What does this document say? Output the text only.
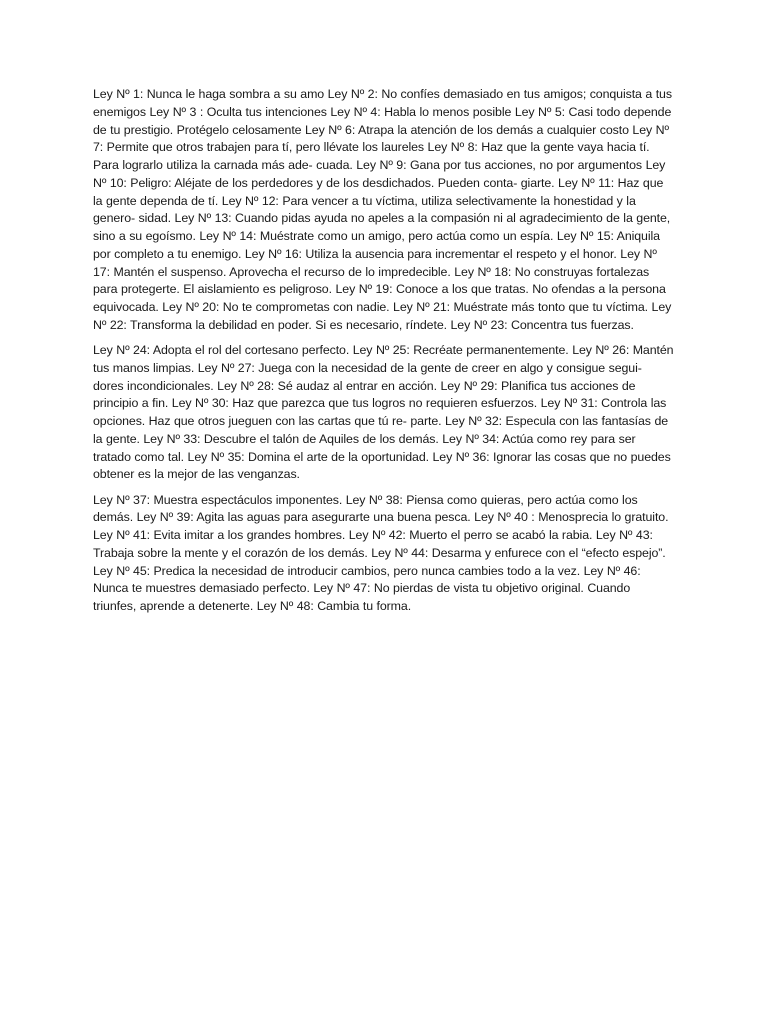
Ley Nº 1: Nunca le haga sombra a su amo Ley Nº 2: No confíes demasiado en tus amigos; conquista a tus enemigos Ley Nº 3 : Oculta tus intenciones Ley Nº 4: Habla lo menos posible Ley Nº 5: Casi todo depende de tu prestigio. Protégelo celosamente Ley Nº 6: Atrapa la atención de los demás a cualquier costo Ley Nº 7: Permite que otros trabajen para tí, pero llévate los laureles Ley Nº 8: Haz que la gente vaya hacia tí. Para lograrlo utiliza la carnada más ade- cuada. Ley Nº 9: Gana por tus acciones, no por argumentos Ley Nº 10: Peligro: Aléjate de los perdedores y de los desdichados. Pueden conta- giarte. Ley Nº 11: Haz que la gente dependa de tí. Ley Nº 12: Para vencer a tu víctima, utiliza selectivamente la honestidad y la genero- sidad. Ley Nº 13: Cuando pidas ayuda no apeles a la compasión ni al agradecimiento de la gente, sino a su egoísmo. Ley Nº 14: Muéstrate como un amigo, pero actúa como un espía. Ley Nº 15: Aniquila por completo a tu enemigo. Ley Nº 16: Utiliza la ausencia para incrementar el respeto y el honor. Ley Nº 17: Mantén el suspenso. Aprovecha el recurso de lo impredecible. Ley Nº 18: No construyas fortalezas para protegerte. El aislamiento es peligroso. Ley Nº 19: Conoce a los que tratas. No ofendas a la persona equivocada. Ley Nº 20: No te comprometas con nadie. Ley Nº 21: Muéstrate más tonto que tu víctima. Ley Nº 22: Transforma la debilidad en poder. Si es necesario, ríndete. Ley Nº 23: Concentra tus fuerzas.

Ley Nº 24: Adopta el rol del cortesano perfecto. Ley Nº 25: Recréate permanentemente. Ley Nº 26: Mantén tus manos limpias. Ley Nº 27: Juega con la necesidad de la gente de creer en algo y consigue segui- dores incondicionales. Ley Nº 28: Sé audaz al entrar en acción. Ley Nº 29: Planifica tus acciones de principio a fin. Ley Nº 30: Haz que parezca que tus logros no requieren esfuerzos. Ley Nº 31: Controla las opciones. Haz que otros jueguen con las cartas que tú re- parte. Ley Nº 32: Especula con las fantasías de la gente. Ley Nº 33: Descubre el talón de Aquiles de los demás. Ley Nº 34: Actúa como rey para ser tratado como tal. Ley Nº 35: Domina el arte de la oportunidad. Ley Nº 36: Ignorar las cosas que no puedes obtener es la mejor de las venganzas.

Ley Nº 37: Muestra espectáculos imponentes. Ley Nº 38: Piensa como quieras, pero actúa como los demás. Ley Nº 39: Agita las aguas para asegurarte una buena pesca. Ley Nº 40 : Menosprecia lo gratuito. Ley Nº 41: Evita imitar a los grandes hombres. Ley Nº 42: Muerto el perro se acabó la rabia. Ley Nº 43: Trabaja sobre la mente y el corazón de los demás. Ley Nº 44: Desarma y enfurece con el “efecto espejo”. Ley Nº 45: Predica la necesidad de introducir cambios, pero nunca cambies todo a la vez. Ley Nº 46: Nunca te muestres demasiado perfecto. Ley Nº 47: No pierdas de vista tu objetivo original. Cuando triunfes, aprende a detenerte. Ley Nº 48: Cambia tu forma.
